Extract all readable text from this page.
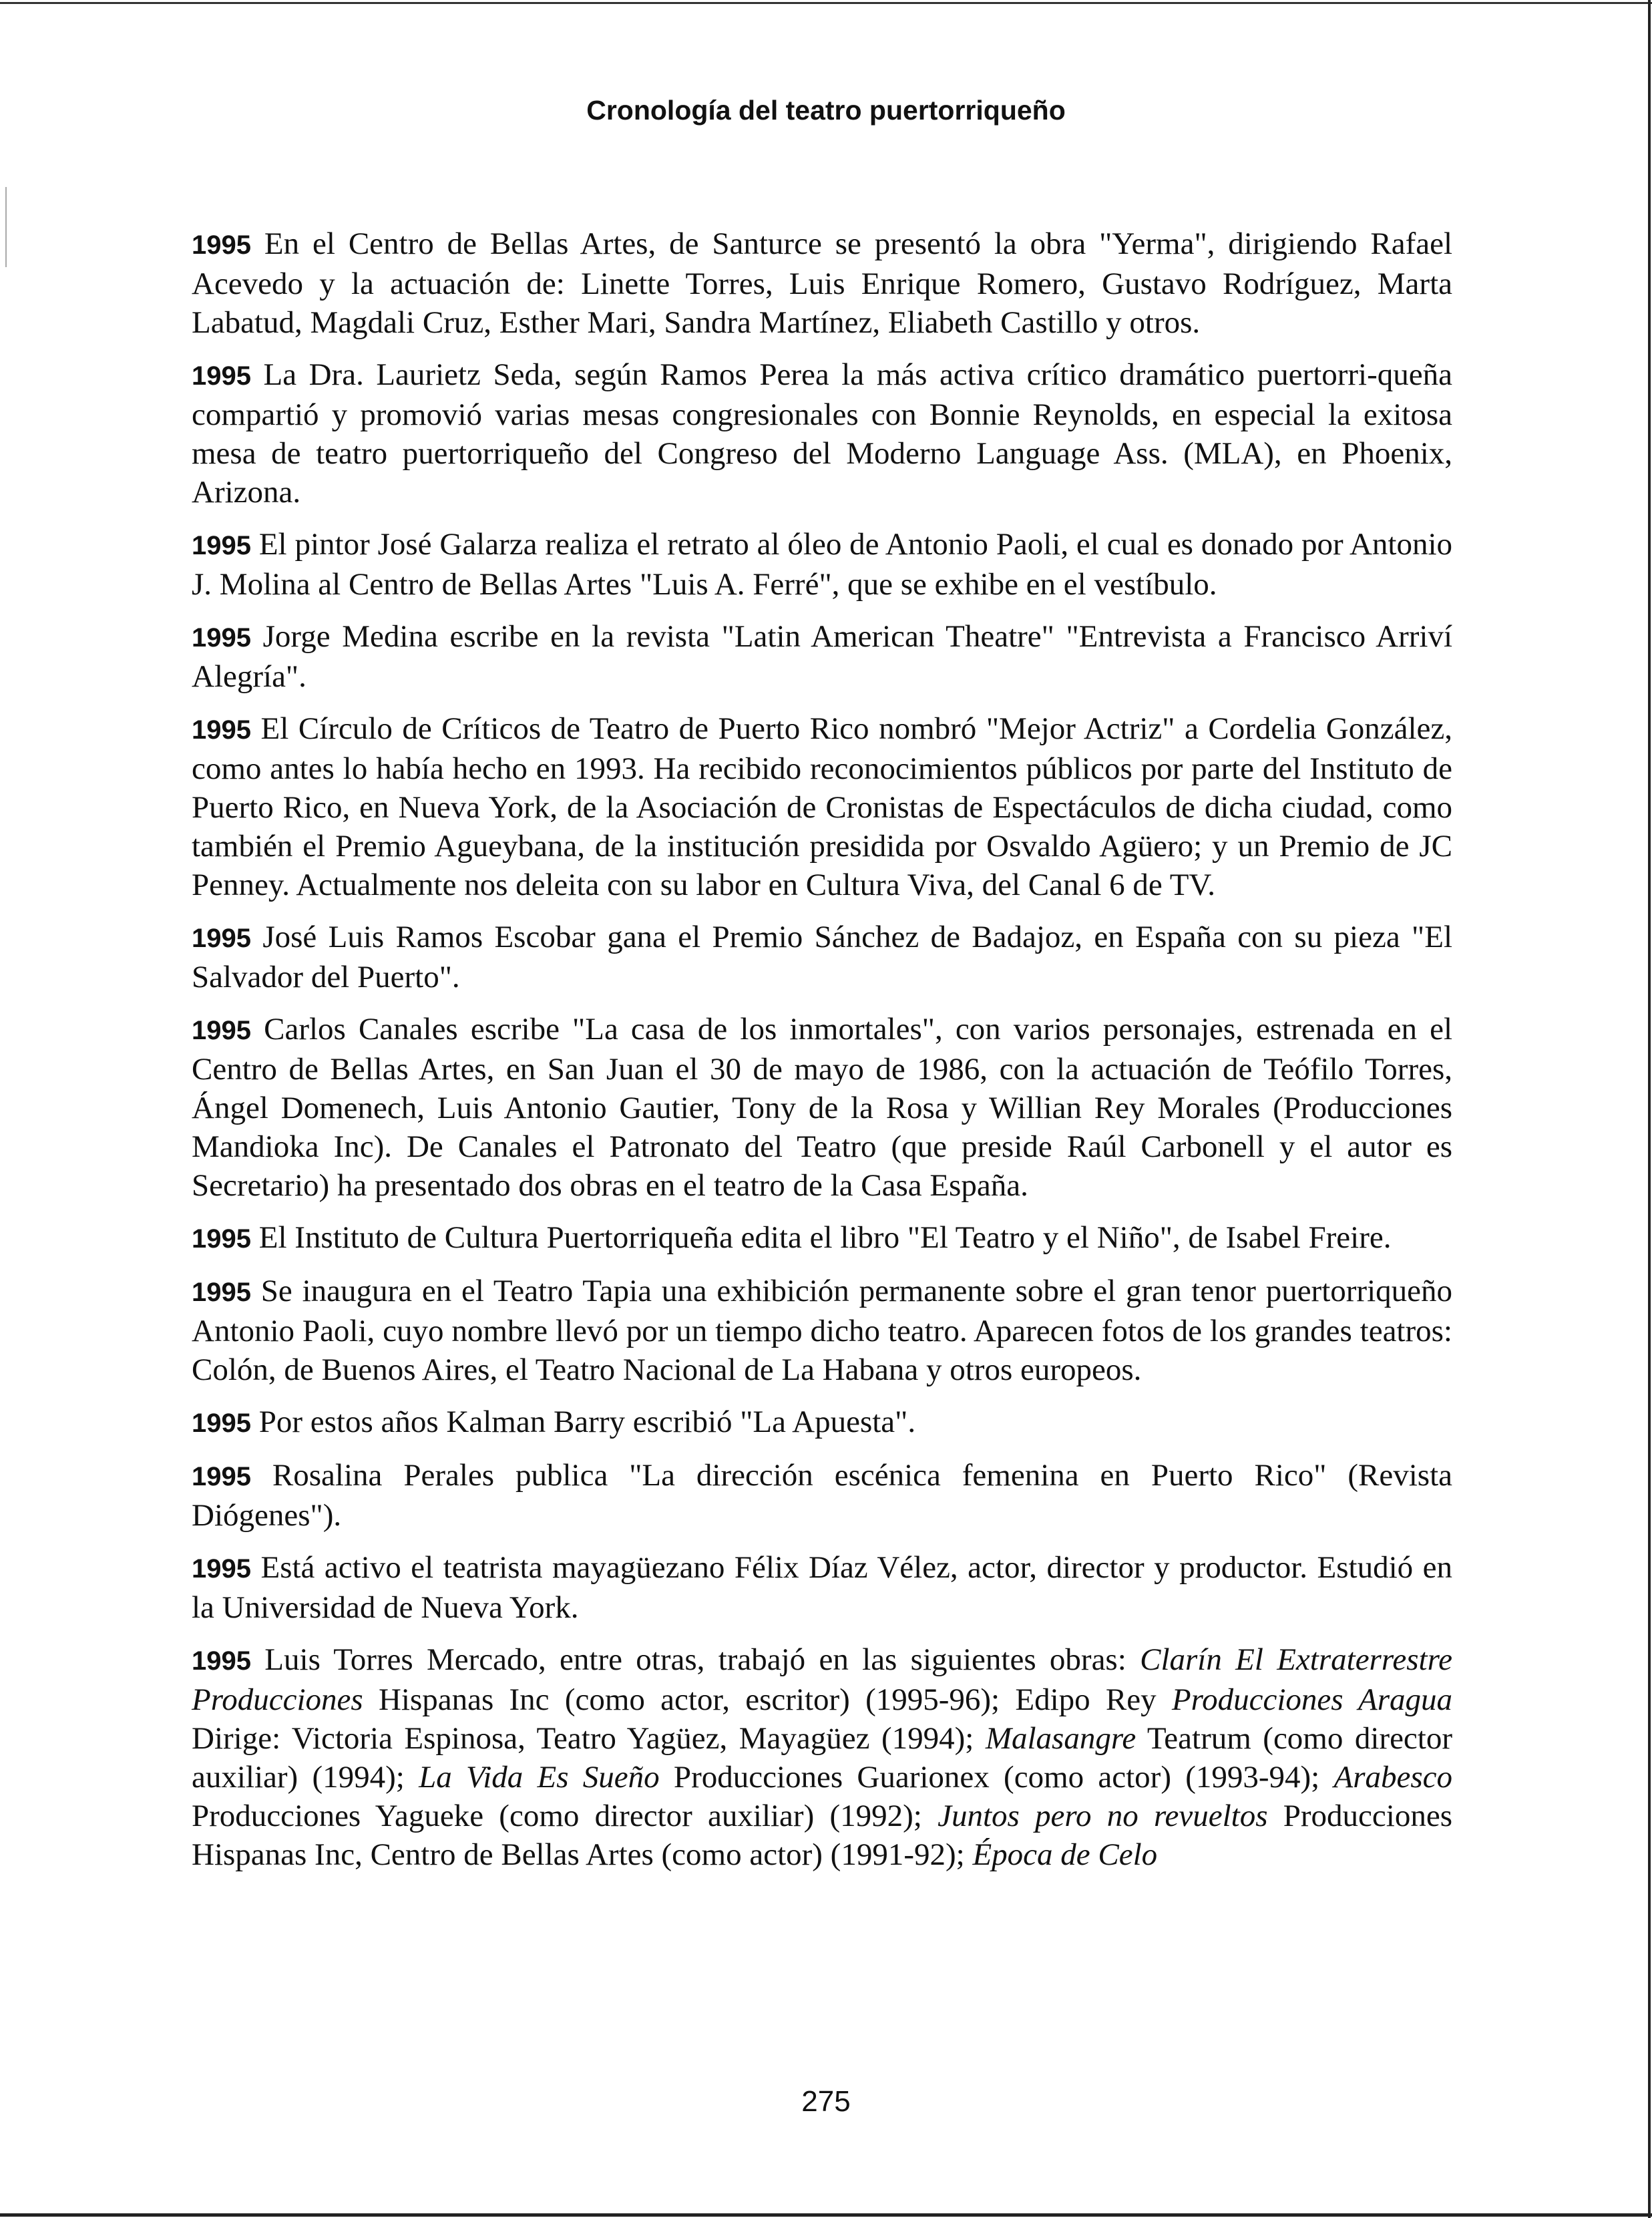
Cronología del teatro puertorriqueño

1995 En el Centro de Bellas Artes, de Santurce se presentó la obra "Yerma", dirigiendo Rafael Acevedo y la actuación de: Linette Torres, Luis Enrique Romero, Gustavo Rodríguez, Marta Labatud, Magdali Cruz, Esther Mari, Sandra Martínez, Eliabeth Castillo y otros.

1995 La Dra. Laurietz Seda, según Ramos Perea la más activa crítico dramático puertorri-queña compartió y promovió varias mesas congresionales con Bonnie Reynolds, en especial la exitosa mesa de teatro puertorriqueño del Congreso del Moderno Language Ass. (MLA), en Phoenix, Arizona.

1995 El pintor José Galarza realiza el retrato al óleo de Antonio Paoli, el cual es donado por Antonio J. Molina al Centro de Bellas Artes "Luis A. Ferré", que se exhibe en el vestíbulo.

1995 Jorge Medina escribe en la revista "Latin American Theatre" "Entrevista a Francisco Arriví Alegría".

1995 El Círculo de Críticos de Teatro de Puerto Rico nombró "Mejor Actriz" a Cordelia González, como antes lo había hecho en 1993. Ha recibido reconocimientos públicos por parte del Instituto de Puerto Rico, en Nueva York, de la Asociación de Cronistas de Espectáculos de dicha ciudad, como también el Premio Agueybana, de la institución presidida por Osvaldo Agüero; y un Premio de JC Penney. Actualmente nos deleita con su labor en Cultura Viva, del Canal 6 de TV.

1995 José Luis Ramos Escobar gana el Premio Sánchez de Badajoz, en España con su pieza "El Salvador del Puerto".

1995 Carlos Canales escribe "La casa de los inmortales", con varios personajes, estrenada en el Centro de Bellas Artes, en San Juan el 30 de mayo de 1986, con la actuación de Teófilo Torres, Ángel Domenech, Luis Antonio Gautier, Tony de la Rosa y Willian Rey Morales (Producciones Mandioka Inc). De Canales el Patronato del Teatro (que preside Raúl Carbonell y el autor es Secretario) ha presentado dos obras en el teatro de la Casa España.

1995 El Instituto de Cultura Puertorriqueña edita el libro "El Teatro y el Niño", de Isabel Freire.

1995 Se inaugura en el Teatro Tapia una exhibición permanente sobre el gran tenor puertorriqueño Antonio Paoli, cuyo nombre llevó por un tiempo dicho teatro. Aparecen fotos de los grandes teatros: Colón, de Buenos Aires, el Teatro Nacional de La Habana y otros europeos.

1995 Por estos años Kalman Barry escribió "La Apuesta".

1995 Rosalina Perales publica "La dirección escénica femenina en Puerto Rico" (Revista Diógenes").

1995 Está activo el teatrista mayagüezano Félix Díaz Vélez, actor, director y productor. Estudió en la Universidad de Nueva York.

1995 Luis Torres Mercado, entre otras, trabajó en las siguientes obras: Clarín El Extraterrestre Producciones Hispanas Inc (como actor, escritor) (1995-96); Edipo Rey Producciones Aragua Dirige: Victoria Espinosa, Teatro Yagüez, Mayagüez (1994); Malasangre Teatrum (como director auxiliar) (1994); La Vida Es Sueño Producciones Guarionex (como actor) (1993-94); Arabesco Producciones Yagueke (como director auxiliar) (1992); Juntos pero no revueltos Producciones Hispanas Inc, Centro de Bellas Artes (como actor) (1991-92); Época de Celo

275
